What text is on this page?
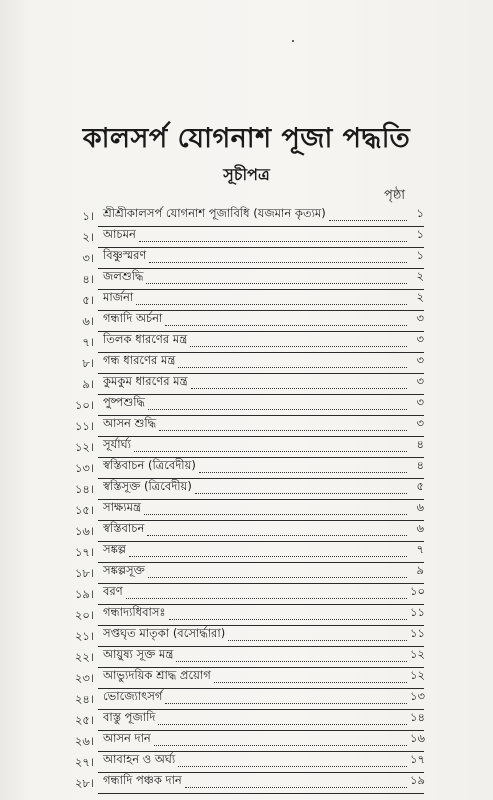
কালসর্প যোগনাশ পূজা পদ্ধতি
সূচীপত্র
পৃষ্ঠা
১। শ্রীশ্রীকালসর্প যোগনাশ পূজাবিধি (যজমান কৃত্যম)	১
২। আচমন	১
৩। বিষ্ণুস্মরণ	১
৪। জলশুদ্ধি	২
৫। মার্জনা	২
৬। গন্ধাদি অর্চনা	৩
৭। তিলক ধারণের মন্ত্র	৩
৮। গন্ধ ধারণের মন্ত্র	৩
৯। কুমকুম ধারণের মন্ত্র	৩
১০। পুষ্পশুদ্ধি	৩
১১। আসন শুদ্ধি	৩
১২। সূর্যার্ঘ্য	৪
১৩। স্বস্তিবাচন (ত্রিবেদীয়)	৪
১৪। স্বস্তিসূক্ত (ত্রিবেদীয়)	৫
১৫। সাক্ষ্যমন্ত্র	৬
১৬। স্বস্তিবাচন	৬
১৭। সঙ্কল্প	৭
১৮। সঙ্কল্পসূক্ত	৯
১৯। বরণ	১০
২০। গন্ধাদ্যধিবাসঃ	১১
২১। সপ্তঘৃত মাতৃকা (বসোর্দ্ধারা)	১১
২২। আয়ুষ্য সূক্ত মন্ত্র	১২
২৩। আভ্যুদয়িক শ্রাদ্ধ প্রয়োগ	১২
২৪। ভোজ্যোৎসর্গ	১৩
২৫। বাস্তু পূজাদি	১৪
২৬। আসন দান	১৬
২৭। আবাহন ও অর্ঘ্য	১৭
২৮। গন্ধাদি পঞ্চক দান	১৯
